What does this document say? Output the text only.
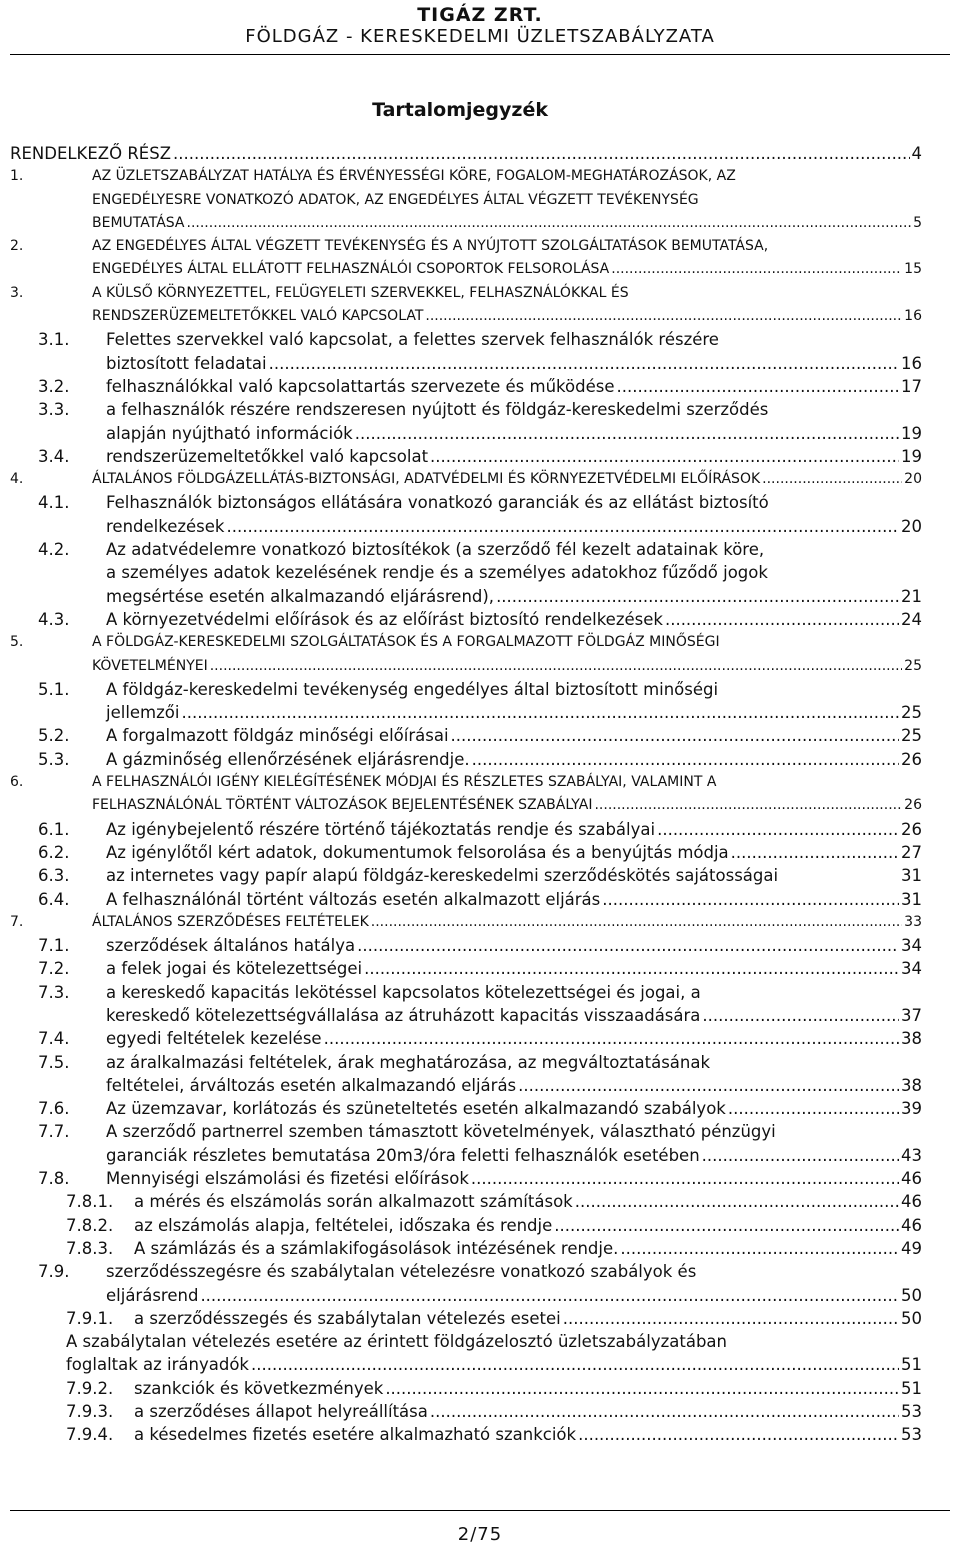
TIGÁZ ZRT.
FÖLDGÁZ - KERESKEDELMI ÜZLETSZABÁLYZATA
Tartalomjegyzék
RENDELKEZŐ RÉSZ .....	4
1.	AZ ÜZLETSZABÁLYZAT HATÁLYA ÉS ÉRVÉNYESSÉGI KÖRE, FOGALOM-MEGHATÁROZÁSOK, AZ
ENGEDÉLYESRE VONATKOZÓ ADATOK, AZ ENGEDÉLYES ÁLTAL VÉGZETT TEVÉKENYSÉG
BEMUTATÁSA .....	5
2.	AZ ENGEDÉLYES ÁLTAL VÉGZETT TEVÉKENYSÉG ÉS A NYÚJTOTT SZOLGÁLTATÁSOK BEMUTATÁSA,
ENGEDÉLYES ÁLTAL ELLÁTOTT FELHASZNÁLÓI CSOPORTOK FELSOROLÁSA .....	15
3.	A KÜLSŐ KÖRNYEZETTEL, FELÜGYELETI SZERVEKKEL, FELHASZNÁLÓKKAL ÉS
RENDSZERÜZEMELTETŐKKEL VALÓ KAPCSOLAT .....	16
3.1. Felettes szervekkel való kapcsolat, a felettes szervek felhasználók részére
biztosított feladatai .....	16
3.2. felhasználókkal való kapcsolattartás szervezete és működése .....	17
3.3. a felhasználók részére rendszeresen nyújtott és földgáz-kereskedelmi szerződés
alapján nyújtható információk .....	19
3.4. rendszerüzemeltetőkkel való kapcsolat .....	19
4.	ÁLTALÁNOS FÖLDGÁZELLÁTÁS-BIZTONSÁGI, ADATVÉDELMI ÉS KÖRNYEZETVÉDELMI ELŐÍRÁSOK .....	20
4.1. Felhasználók biztonságos ellátására vonatkozó garanciák és az ellátást biztosító
rendelkezések .....	20
4.2. Az adatvédelemre vonatkozó biztosítékok (a szerződő fél kezelt adatainak köre,
a személyes adatok kezelésének rendje és a személyes adatokhoz fűződő jogok
megsértése esetén alkalmazandó eljárásrend), .....	21
4.3. A környezetvédelmi előírások és az előírást biztosító rendelkezések .....	24
5.	A FÖLDGÁZ-KERESKEDELMI SZOLGÁLTATÁSOK ÉS A FORGALMAZOTT FÖLDGÁZ MINŐSÉGI
KÖVETELMÉNYEI .....	25
5.1. A földgáz-kereskedelmi tevékenység engedélyes által biztosított minőségi
jellemzői .....	25
5.2. A forgalmazott földgáz minőségi előírásai .....	25
5.3. A gázminőség ellenőrzésének eljárásrendje. .....	26
6.	A FELHASZNÁLÓI IGÉNY KIELÉGÍTÉSÉNEK MÓDJAI ÉS RÉSZLETES SZABÁLYAI, VALAMINT A
FELHASZNÁLÓNÁL TÖRTÉNT VÁLTOZÁSOK BEJELENTÉSÉNEK SZABÁLYAI .....	26
6.1. Az igénybejelentő részére történő tájékoztatás rendje és szabályai .....	26
6.2. Az igénylőtől kért adatok, dokumentumok felsorolása és a benyújtás módja .....	27
6.3. az internetes vagy papír alapú földgáz-kereskedelmi szerződéskötés sajátosságai	31
6.4. A felhasználónál történt változás esetén alkalmazott eljárás .....	31
7.	ÁLTALÁNOS SZERZŐDÉSES FELTÉTELEK .....	33
7.1. szerződések általános hatálya .....	34
7.2. a felek jogai és kötelezettségei .....	34
7.3. a kereskedő kapacitás lekötéssel kapcsolatos kötelezettségei és jogai, a
kereskedő kötelezettségvállalása az átruházott kapacitás visszaadására .....	37
7.4. egyedi feltételek kezelése .....	38
7.5. az áralkalmazási feltételek, árak meghatározása, az megváltoztatásának
feltételei, árváltozás esetén alkalmazandó eljárás .....	38
7.6. Az üzemzavar, korlátozás és szüneteltetés esetén alkalmazandó szabályok .....	39
7.7. A szerződő partnerrel szemben támasztott követelmények, választható pénzügyi
garanciák részletes bemutatása 20m3/óra feletti felhasználók esetében .....	43
7.8. Mennyiségi elszámolási és fizetési előírások .....	46
7.8.1. a mérés és elszámolás során alkalmazott számítások .....	46
7.8.2. az elszámolás alapja, feltételei, időszaka és rendje .....	46
7.8.3. A számlázás és a számlakifogásolások intézésének rendje. .....	49
7.9. szerződésszegésre és szabálytalan vételezésre vonatkozó szabályok és
eljárásrend .....	50
7.9.1. a szerződésszegés és szabálytalan vételezés esetei .....	50
A szabálytalan vételezés esetére az érintett földgázelosztó üzletszabályzatában
foglaltak az irányadók .....	51
7.9.2. szankciók és következmények .....	51
7.9.3. a szerződéses állapot helyreállítása .....	53
7.9.4. a késedelmes fizetés esetére alkalmazható szankciók .....	53
2/75
